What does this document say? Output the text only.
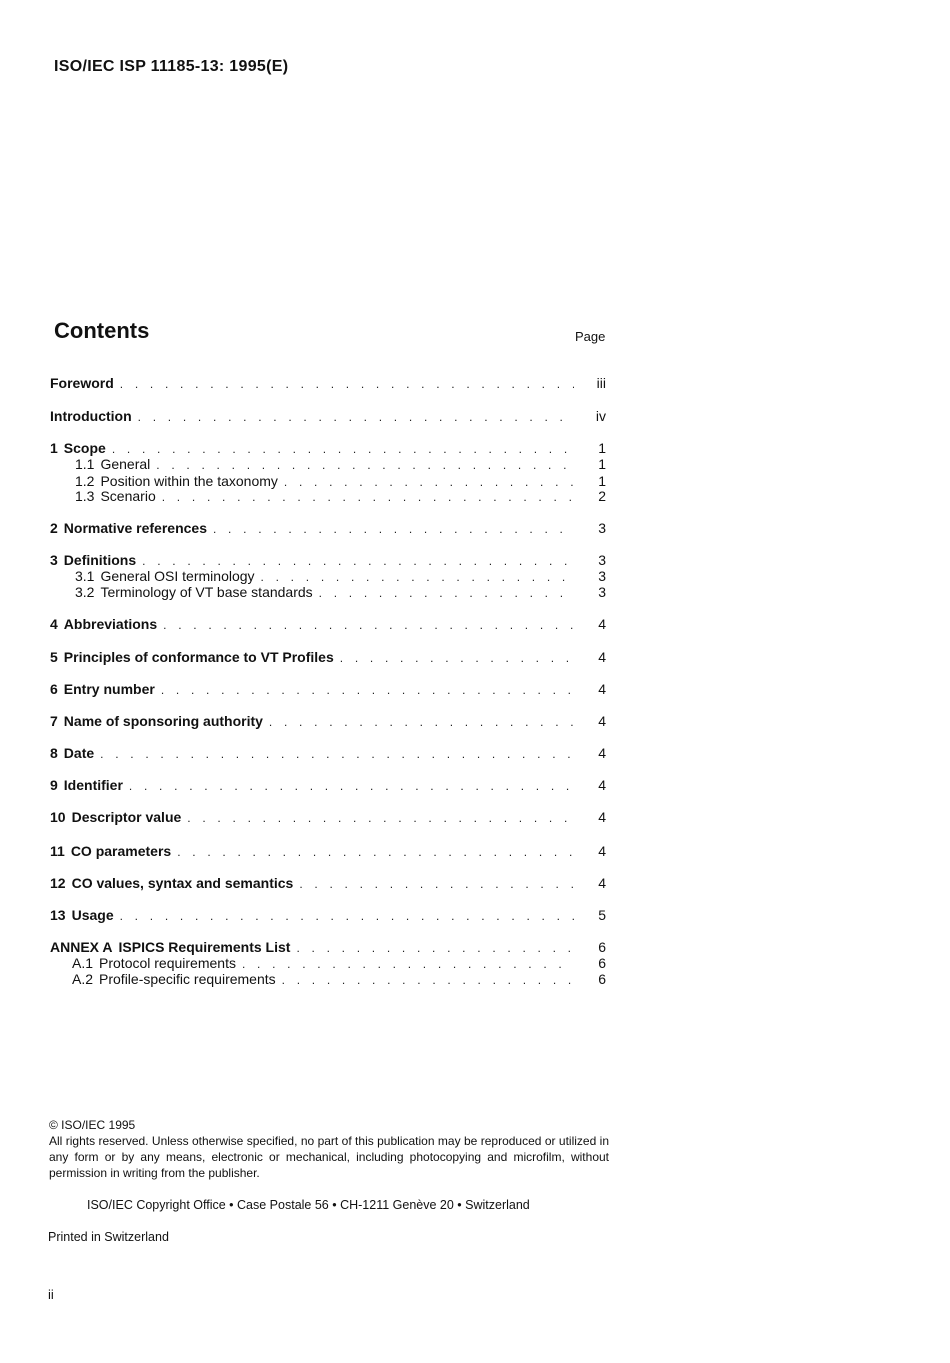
ISO/IEC ISP 11185-13: 1995(E)
Contents	Page
Foreword . . .	iii
Introduction . . .	iv
1 Scope . . .	1
1.1 General . . .	1
1.2 Position within the taxonomy . . .	1
1.3 Scenario . . .	2
2 Normative references . . .	3
3 Definitions . . .	3
3.1 General OSI terminology . . .	3
3.2 Terminology of VT base standards . . .	3
4 Abbreviations . . .	4
5 Principles of conformance to VT Profiles . . .	4
6 Entry number . . .	4
7 Name of sponsoring authority . . .	4
8 Date . . .	4
9 Identifier . . .	4
10 Descriptor value . . .	4
11 CO parameters . . .	4
12 CO values, syntax and semantics . . .	4
13 Usage . . .	5
ANNEX A ISPICS Requirements List . . .	6
A.1 Protocol requirements . . .	6
A.2 Profile-specific requirements . . .	6

© ISO/IEC 1995

All rights reserved. Unless otherwise specified, no part of this publication may be reproduced or utilized in any form or by any means, electronic or mechanical, including photocopying and microfilm, without permission in writing from the publisher.

ISO/IEC Copyright Office • Case Postale 56 • CH-1211 Genève 20 • Switzerland
Printed in Switzerland
ii
